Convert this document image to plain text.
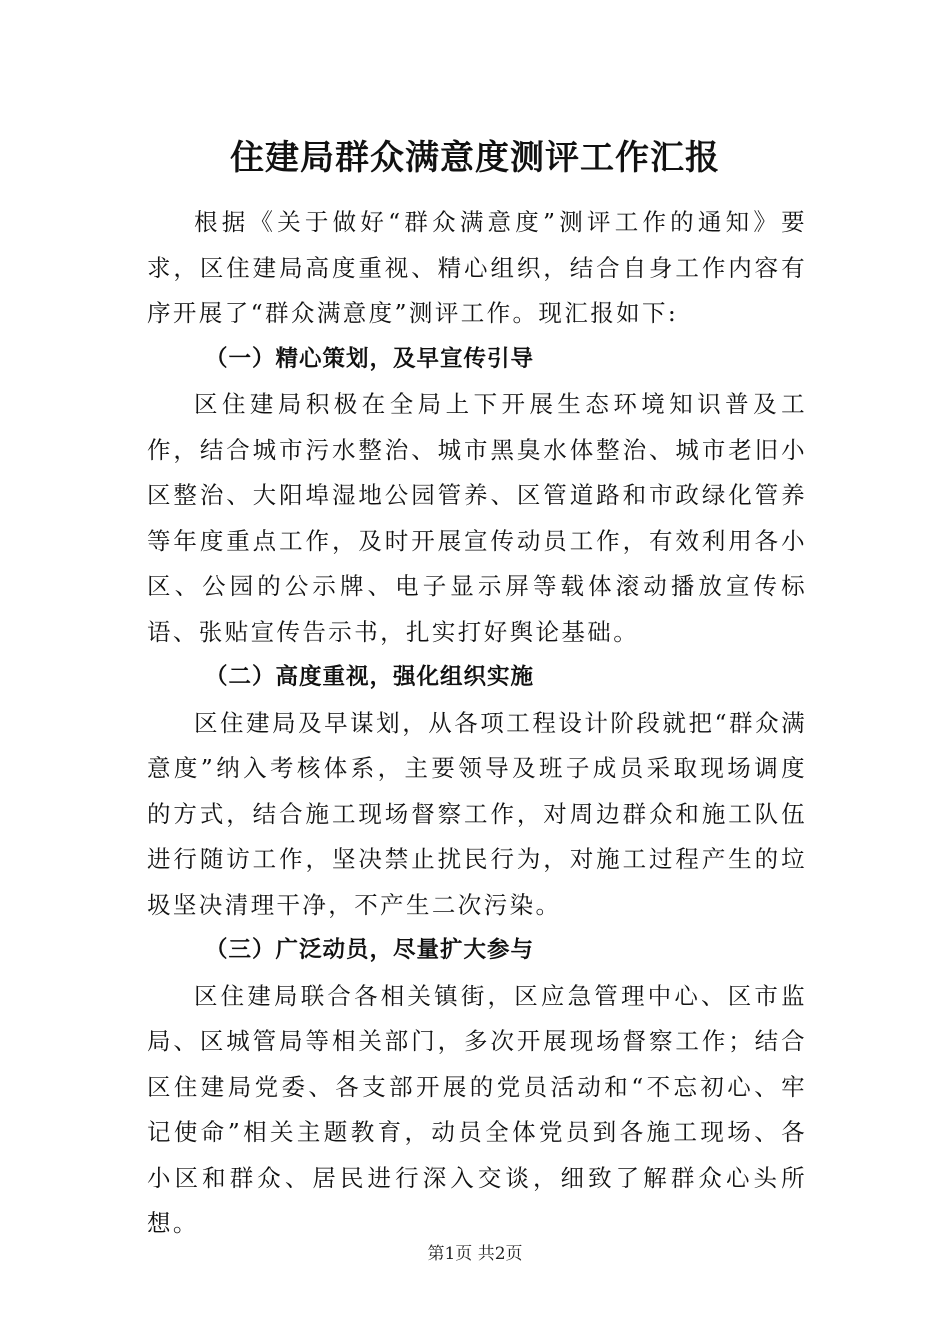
住建局群众满意度测评工作汇报

根据《关于做好“群众满意度”测评工作的通知》要求，区住建局高度重视、精心组织，结合自身工作内容有序开展了“群众满意度”测评工作。现汇报如下:

（一）精心策划，及早宣传引导

区住建局积极在全局上下开展生态环境知识普及工作，结合城市污水整治、城市黑臭水体整治、城市老旧小区整治、大阳埠湿地公园管养、区管道路和市政绿化管养等年度重点工作，及时开展宣传动员工作，有效利用各小区、公园的公示牌、电子显示屏等载体滚动播放宣传标语、张贴宣传告示书，扎实打好舆论基础。

（二）高度重视，强化组织实施

区住建局及早谋划，从各项工程设计阶段就把“群众满意度”纳入考核体系，主要领导及班子成员采取现场调度的方式，结合施工现场督察工作，对周边群众和施工队伍进行随访工作，坚决禁止扰民行为，对施工过程产生的垃圾坚决清理干净，不产生二次污染。

（三）广泛动员，尽量扩大参与

区住建局联合各相关镇街，区应急管理中心、区市监局、区城管局等相关部门，多次开展现场督察工作；结合区住建局党委、各支部开展的党员活动和“不忘初心、牢记使命”相关主题教育，动员全体党员到各施工现场、各小区和群众、居民进行深入交谈，细致了解群众心头所想。

第1页 共2页
